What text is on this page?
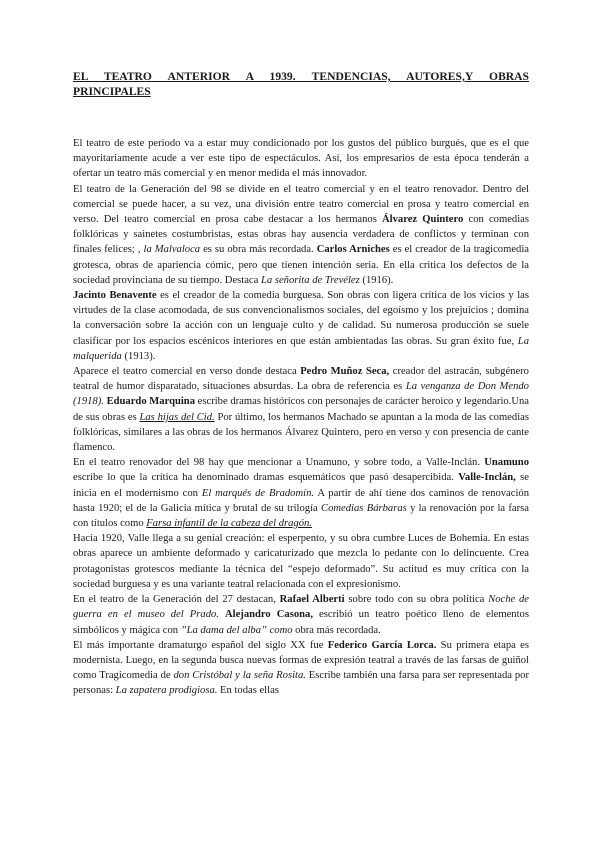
EL TEATRO ANTERIOR A 1939. TENDENCIAS, AUTORES,Y OBRAS

PRINCIPALES

El teatro de este periodo va a estar muy condicionado por los gustos del público burgués, que es el que mayoritariamente acude a ver este tipo de espectáculos. Así, los empresarios de esta época tenderán a ofertar un teatro más comercial y en menor medida el más innovador.

El teatro de la Generación del 98 se divide en el teatro comercial y en el teatro renovador. Dentro del comercial se puede hacer, a su vez, una división entre teatro comercial en prosa y teatro comercial en verso. Del teatro comercial en prosa cabe destacar a los hermanos Álvarez Quintero con comedias folklóricas y sainetes costumbristas, estas obras hay ausencia verdadera de conflictos y terminan con finales felices; , la Malvaloca es su obra más recordada. Carlos Arniches es el creador de la tragicomedia grotesca, obras de apariencia cómic, pero que tienen intención seria. En ella critica los defectos de la sociedad provinciana de su tiempo. Destaca La señorita de Trevélez (1916).

Jacinto Benavente es el creador de la comedia burguesa. Son obras con ligera crítica de los vicios y las virtudes de la clase acomodada, de sus convencionalismos sociales, del egoísmo y los prejuicios ; domina la conversación sobre la acción con un lenguaje culto y de calidad. Su numerosa producción se suele clasificar por los espacios escénicos interiores en que están ambientadas las obras. Su gran éxito fue, La malquerida (1913).

Aparece el teatro comercial en verso donde destaca Pedro Muñoz Seca, creador del astracán, subgénero teatral de humor disparatado, situaciones absurdas. La obra de referencia es La venganza de Don Mendo (1918). Eduardo Marquina escribe dramas históricos con personajes de carácter heroico y legendario.Una de sus obras es Las hijas del Cid. Por último, los hermanos Machado se apuntan a la moda de las comedias folklóricas, similares a las obras de los hermanos Álvarez Quintero, pero en verso y con presencia de cante flamenco.

En el teatro renovador del 98 hay que mencionar a Unamuno, y sobre todo, a Valle-Inclán. Unamuno escribe lo que la crítica ha denominado dramas esquemáticos que pasó desapercibida. Valle-Inclán, se inicia en el modernismo con El marqués de Bradomín. A partir de ahí tiene dos caminos de renovación hasta 1920; el de la Galicia mítica y brutal de su trilogía Comedias Bárbaras y la renovación por la farsa con títulos como Farsa infantil de la cabeza del dragón.

Hacia 1920, Valle llega a su genial creación: el esperpento, y su obra cumbre Luces de Bohemia. En estas obras aparece un ambiente deformado y caricaturizado que mezcla lo pedante con lo delincuente. Crea protagonistas grotescos mediante la técnica del “espejo deformado”. Su actitud es muy crítica con la sociedad burguesa y es una variante teatral relacionada con el expresionismo.

En el teatro de la Generación del 27 destacan, Rafael Alberti sobre todo con su obra política Noche de guerra en el museo del Prado. Alejandro Casona, escribió un teatro poético lleno de elementos simbólicos y mágica con ”La dama del alba” como obra más recordada.

El más importante dramaturgo español del siglo XX fue Federico García Lorca. Su primera etapa es modernista. Luego, en la segunda busca nuevas formas de expresión teatral a través de las farsas de guiñol como Tragicomedia de don Cristóbal y la seña Rosita. Escribe también una farsa para ser representada por personas: La zapatera prodigiosa. En todas ellas
